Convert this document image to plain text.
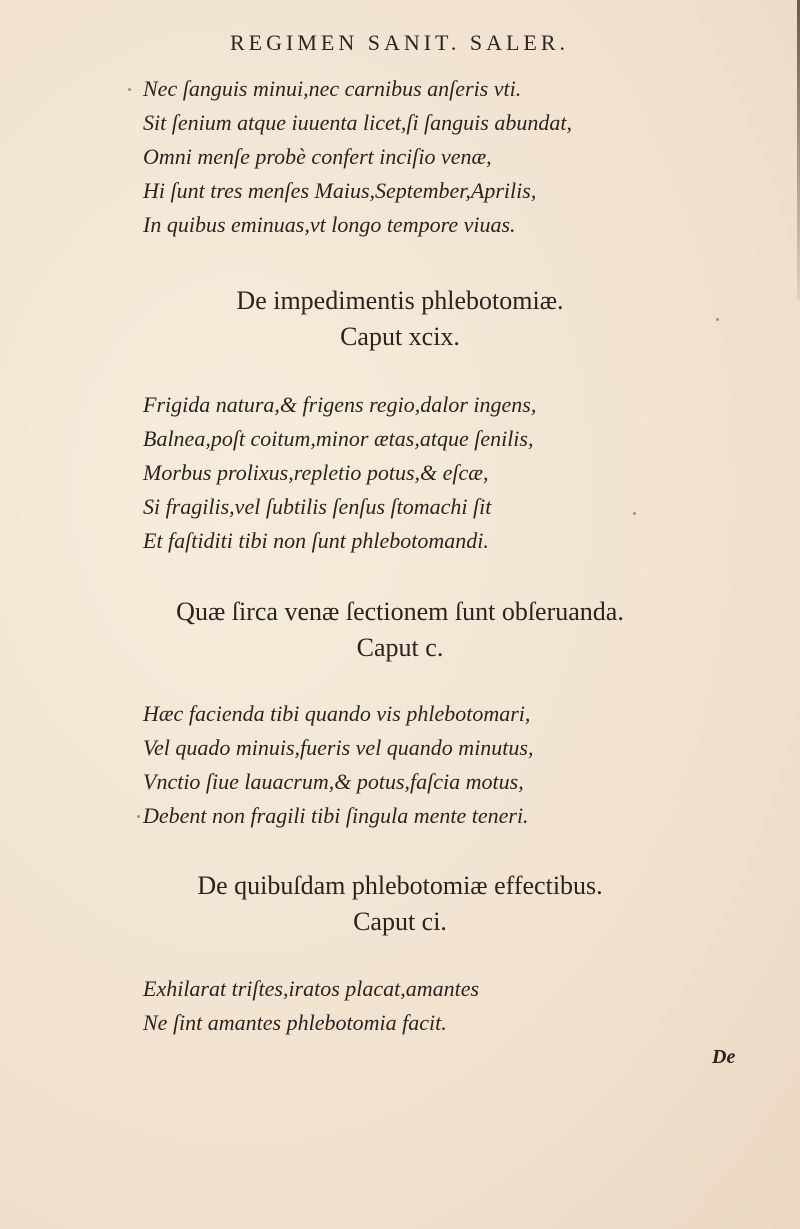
REGIMEN SANIT. SALER.
Nec ſanguis minui,nec carnibus anſeris vti.
Sit ſenium atque iuuenta licet,ſi ſanguis abundat,
Omni menſe probè confert inciſio venæ,
Hi ſunt tres menſes Maius,September,Aprilis,
In quibus eminuas,vt longo tempore viuas.
De impedimentis phlebotomiæ.
Caput xcix.
Frigida natura,& frigens regio,dalor ingens,
Balnea,poſt coitum,minor ætas,atque ſenilis,
Morbus prolixus,repletio potus,& eſcæ,
Si fragilis,vel ſubtilis ſenſus ſtomachi ſit
Et faſtiditi tibi non ſunt phlebotomandi.
Quæ ſirca venæ ſectionem ſunt obſeruanda.
Caput c.
Hæc facienda tibi quando vis phlebotomari,
Vel quado minuis,fueris vel quando minutus,
Vnctio ſiue lauacrum,& potus,faſcia motus,
Debent non fragili tibi ſingula mente teneri.
De quibuſdam phlebotomiæ effectibus.
Caput ci.
Exhilarat triſtes,iratos placat,amantes
Ne ſint amantes phlebotomia facit.
De
